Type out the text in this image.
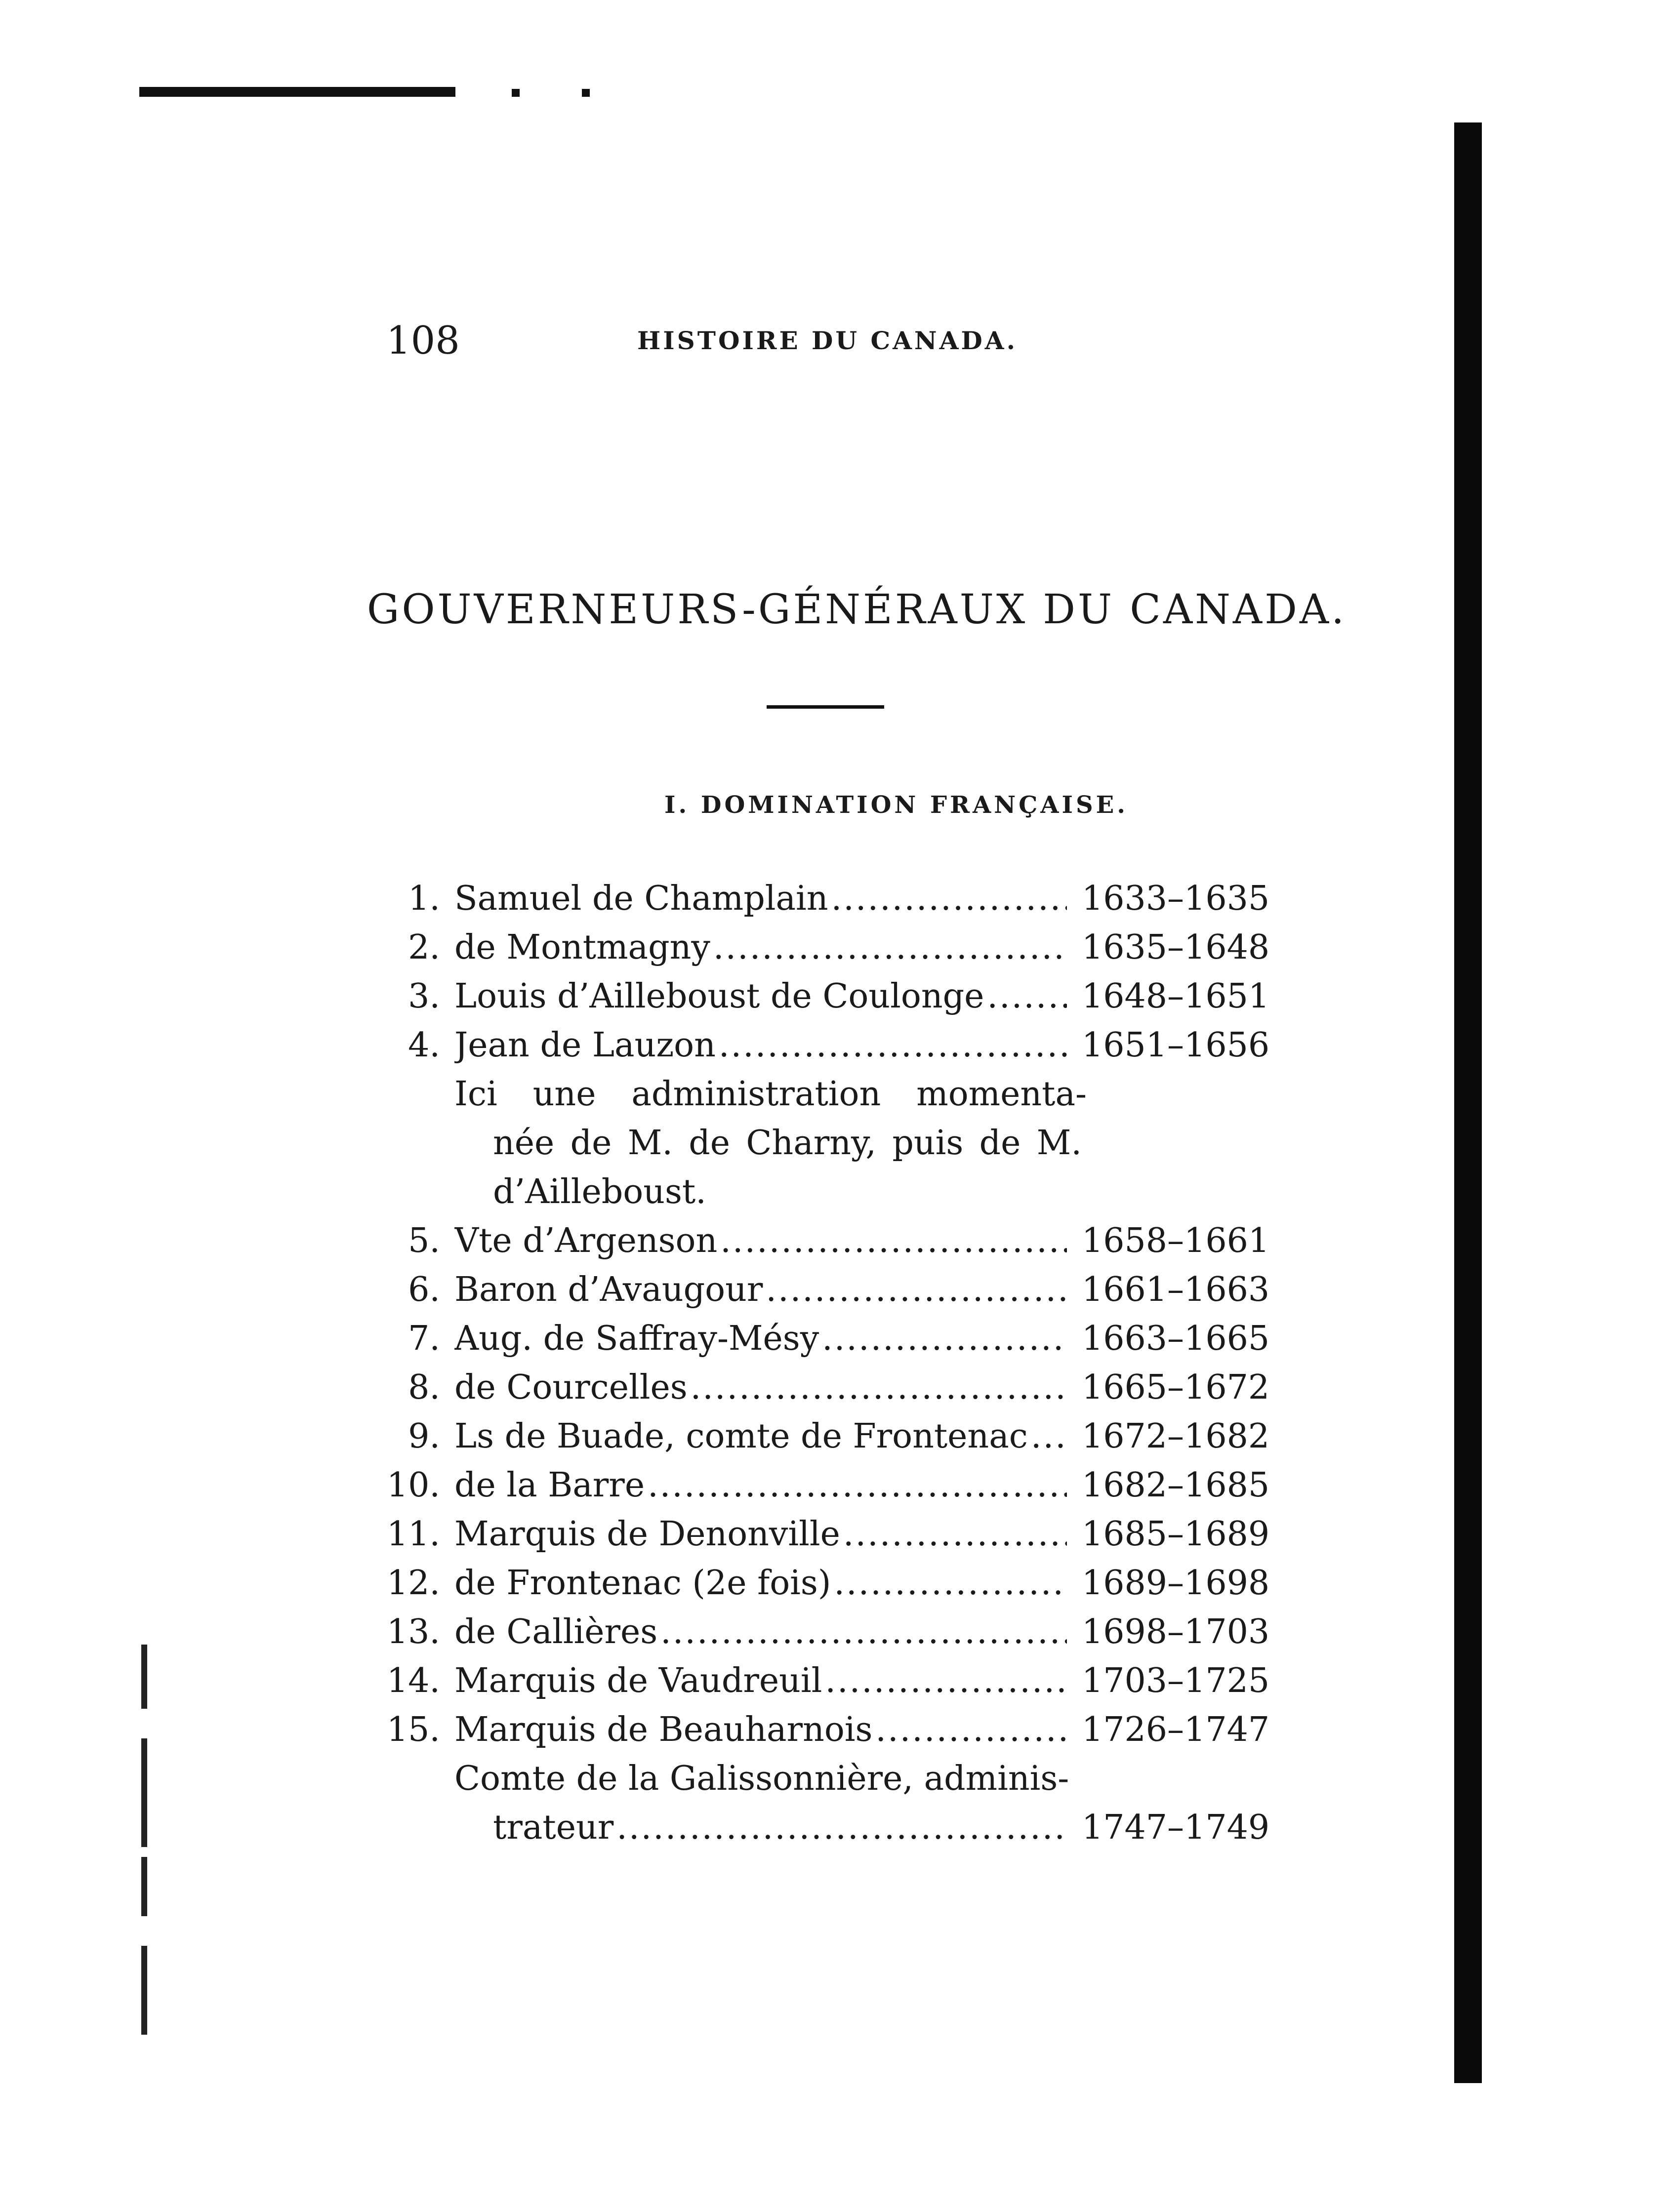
108	HISTOIRE DU CANADA.
GOUVERNEURS-GÉNÉRAUX DU CANADA.
I. DOMINATION FRANÇAISE.
1. Samuel de Champlain .....	1633–1635
2. de Montmagny .....	1635–1648
3. Louis d’Ailleboust de Coulonge .....	1648–1651
4. Jean de Lauzon .....	1651–1656
Ici une administration momenta-
née de M. de Charny, puis de M.
d’Ailleboust.
5. Vte d’Argenson .....	1658–1661
6. Baron d’Avaugour .....	1661–1663
7. Aug. de Saffray-Mésy .....	1663–1665
8. de Courcelles .....	1665–1672
9. Ls de Buade, comte de Frontenac ..... 1672–1682
10. de la Barre .....	1682–1685
11. Marquis de Denonville .....	1685–1689
12. de Frontenac (2e fois) .....	1689–1698
13. de Callières .....	1698–1703
14. Marquis de Vaudreuil .....	1703–1725
15. Marquis de Beauharnois .....	1726–1747
Comte de la Galissonnière, adminis-
trateur .....	1747–1749
